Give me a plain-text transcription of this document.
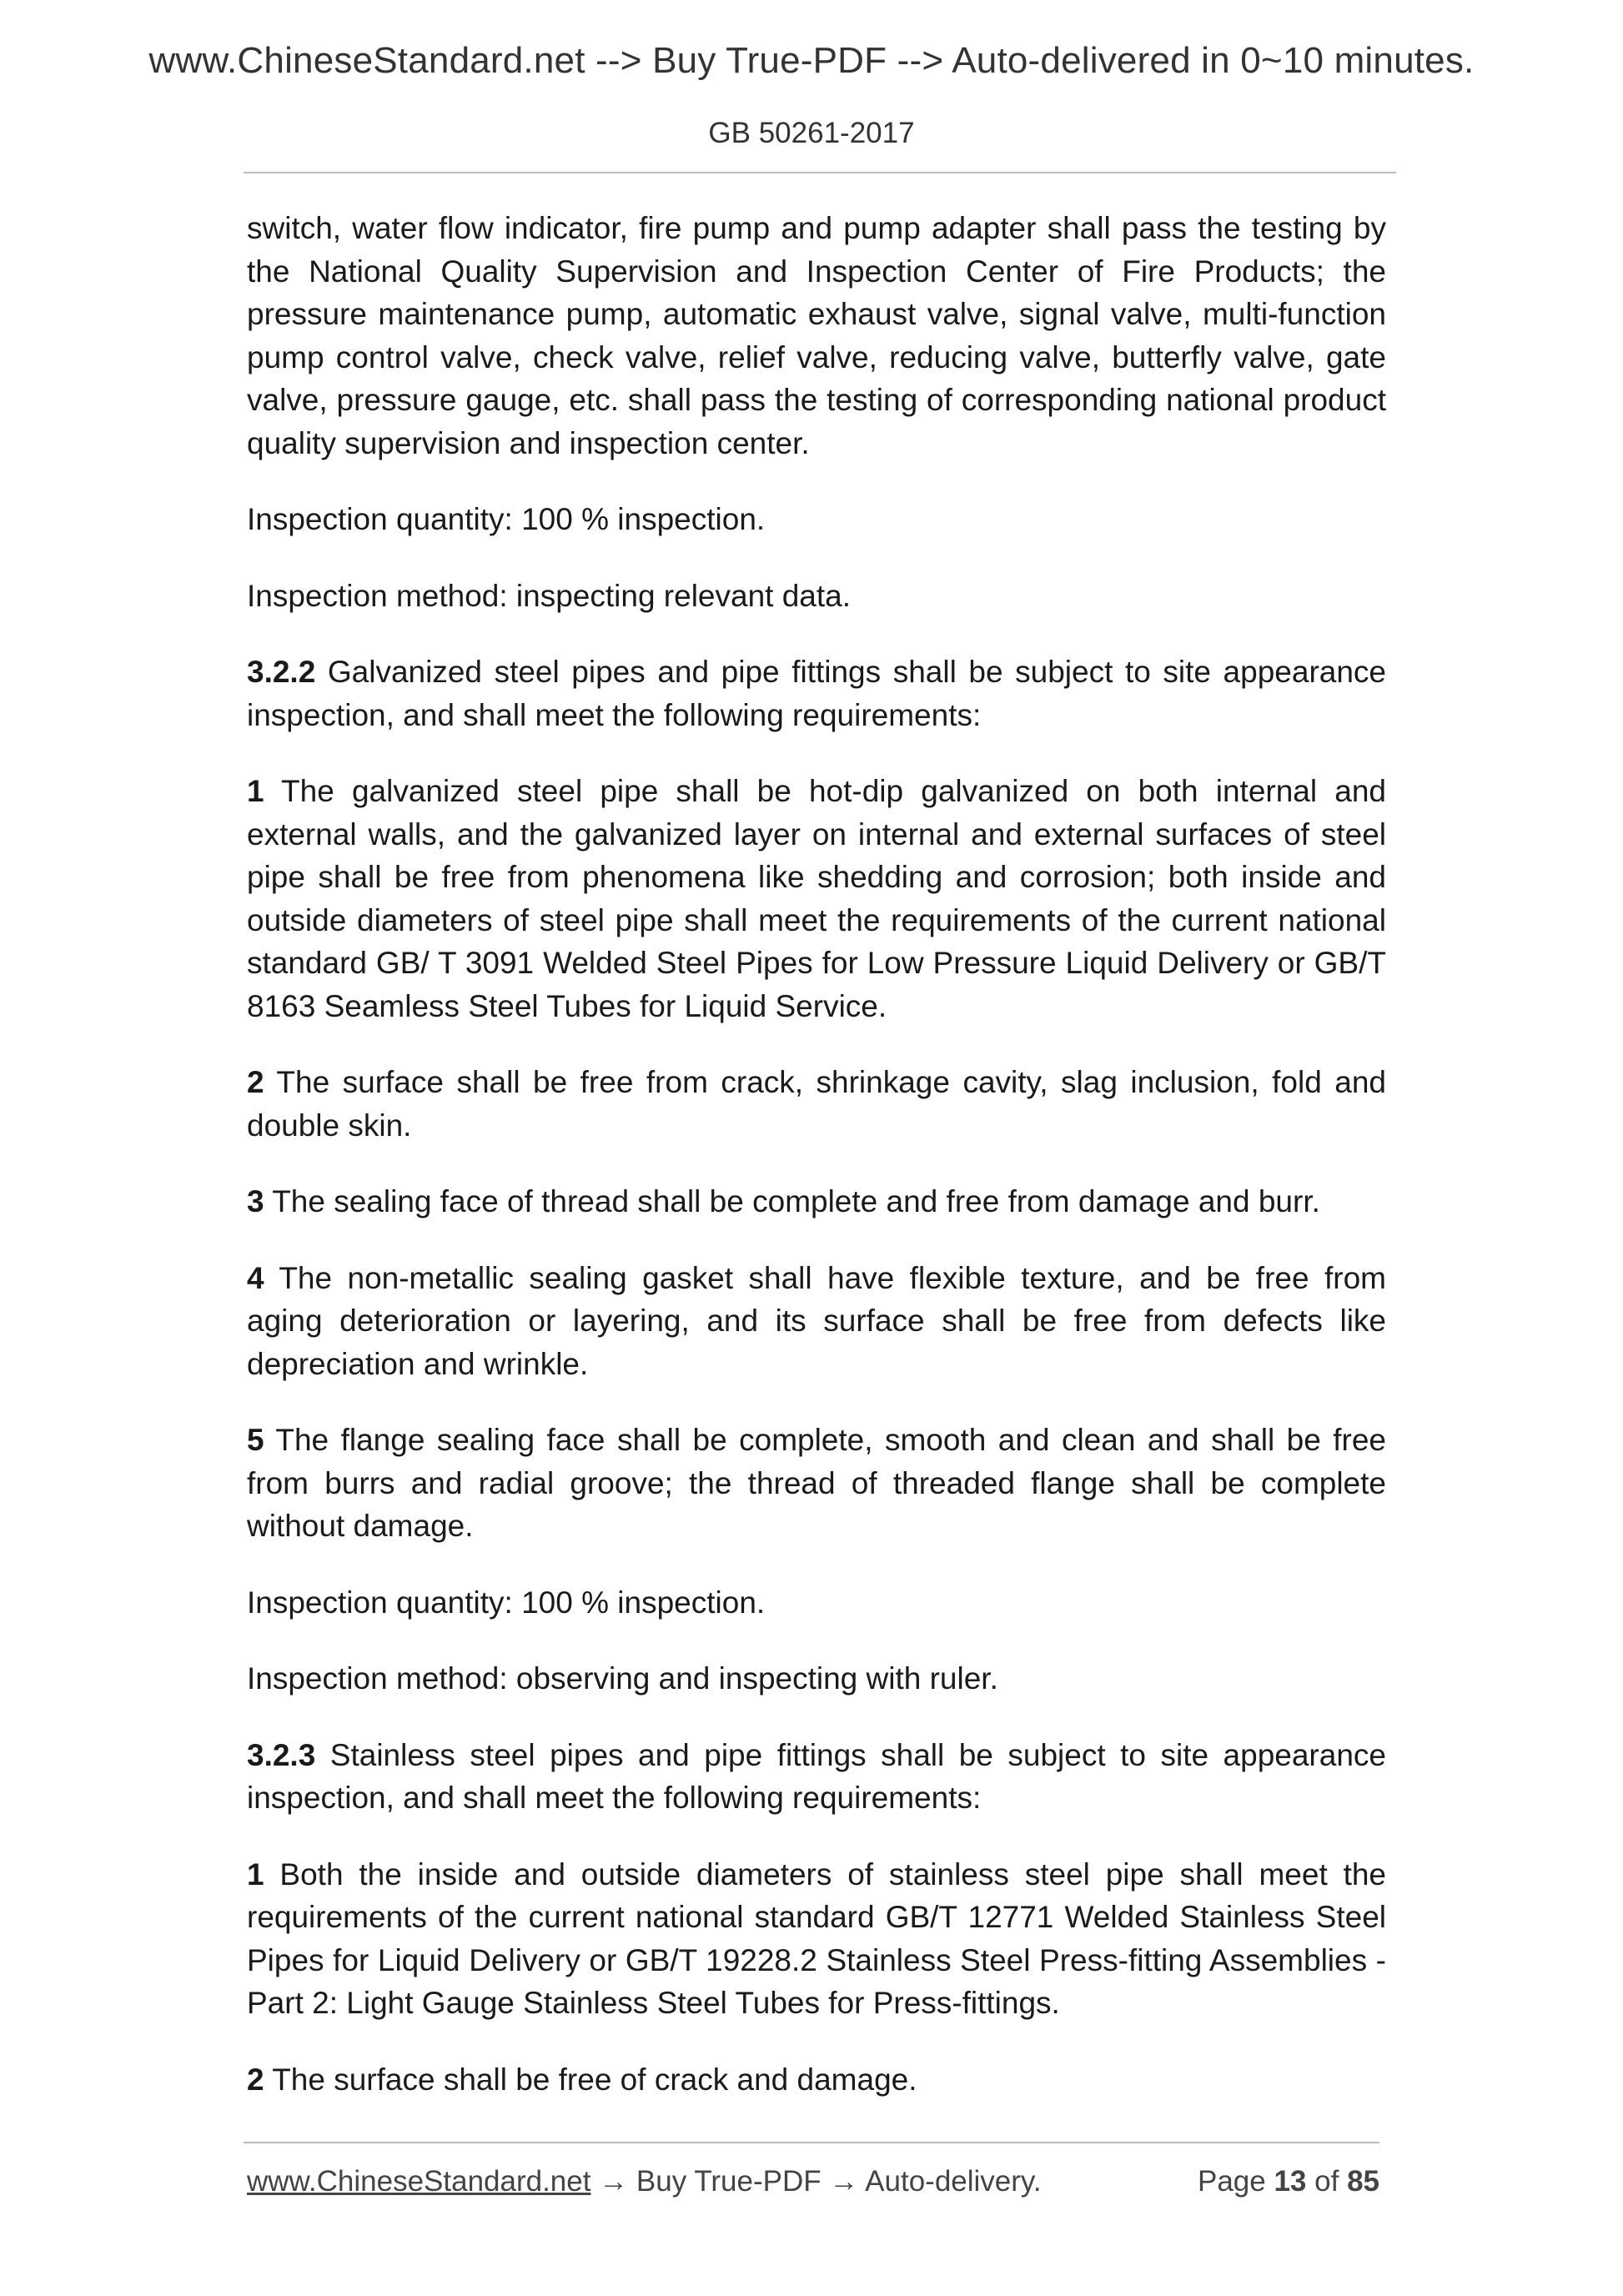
www.ChineseStandard.net --> Buy True-PDF --> Auto-delivered in 0~10 minutes.
GB 50261-2017

switch, water flow indicator, fire pump and pump adapter shall pass the testing by the National Quality Supervision and Inspection Center of Fire Products; the pressure maintenance pump, automatic exhaust valve, signal valve, multi-function pump control valve, check valve, relief valve, reducing valve, butterfly valve, gate valve, pressure gauge, etc. shall pass the testing of corresponding national product quality supervision and inspection center.

Inspection quantity: 100 % inspection.

Inspection method: inspecting relevant data.

3.2.2 Galvanized steel pipes and pipe fittings shall be subject to site appearance inspection, and shall meet the following requirements:

1 The galvanized steel pipe shall be hot-dip galvanized on both internal and external walls, and the galvanized layer on internal and external surfaces of steel pipe shall be free from phenomena like shedding and corrosion; both inside and outside diameters of steel pipe shall meet the requirements of the current national standard GB/ T 3091 Welded Steel Pipes for Low Pressure Liquid Delivery or GB/T 8163 Seamless Steel Tubes for Liquid Service.

2 The surface shall be free from crack, shrinkage cavity, slag inclusion, fold and double skin.

3 The sealing face of thread shall be complete and free from damage and burr.

4 The non-metallic sealing gasket shall have flexible texture, and be free from aging deterioration or layering, and its surface shall be free from defects like depreciation and wrinkle.

5 The flange sealing face shall be complete, smooth and clean and shall be free from burrs and radial groove; the thread of threaded flange shall be complete without damage.

Inspection quantity: 100 % inspection.

Inspection method: observing and inspecting with ruler.

3.2.3 Stainless steel pipes and pipe fittings shall be subject to site appearance inspection, and shall meet the following requirements:

1 Both the inside and outside diameters of stainless steel pipe shall meet the requirements of the current national standard GB/T 12771 Welded Stainless Steel Pipes for Liquid Delivery or GB/T 19228.2 Stainless Steel Press-fitting Assemblies - Part 2: Light Gauge Stainless Steel Tubes for Press-fittings.

2 The surface shall be free of crack and damage.

www.ChineseStandard.net → Buy True-PDF → Auto-delivery.	Page 13 of 85
